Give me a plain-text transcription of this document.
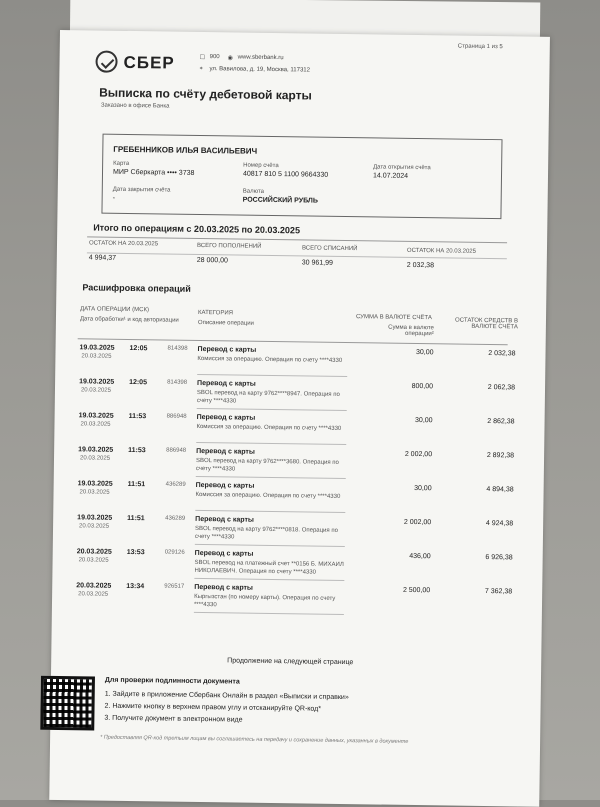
Страница 1 из 5
СБЕР	☐ 900 ◉ www.sberbank.ru
⌖ ул. Вавилова, д. 19, Москва, 117312
Выписка по счёту дебетовой карты
Заказано в офисе Банка
ГРЕБЕННИКОВ ИЛЬЯ ВАСИЛЬЕВИЧ
Карта
МИР Сберкарта •••• 3738
Номер счёта
40817 810 5 1100 9664330
Дата открытия счёта
14.07.2024
Дата закрытия счёта
-
Валюта
РОССИЙСКИЙ РУБЛЬ
Итого по операциям с 20.03.2025 по 20.03.2025
ОСТАТОК НА 20.03.2025
4 994,37
ВСЕГО ПОПОЛНЕНИЙ
28 000,00
ВСЕГО СПИСАНИЙ
30 961,99
ОСТАТОК НА 20.03.2025
2 032,38
Расшифровка операций
ДАТА ОПЕРАЦИИ (МСК)
Дата обработки¹ и код авторизации
КАТЕГОРИЯ
Описание операции
СУММА В ВАЛЮТЕ СЧЁТА
Сумма в валюте операции²
ОСТАТОК СРЕДСТВ В ВАЛЮТЕ СЧЁТА
19.03.2025 12:05
20.03.2025
814398 Перевод с карты
Комиссия за операцию. Операция по счету ****4330
30,00	2 032,38
19.03.2025 12:05
20.03.2025
814398 Перевод с карты
SBOL перевод на карту 9762****8947. Операция по счету ****4330
800,00	2 062,38
19.03.2025 11:53
20.03.2025
886948 Перевод с карты
Комиссия за операцию. Операция по счету ****4330
30,00	2 862,38
19.03.2025 11:53
20.03.2025
886948 Перевод с карты
SBOL перевод на карту 9762****3680. Операция по счету ****4330
2 002,00	2 892,38
19.03.2025 11:51
20.03.2025
436289 Перевод с карты
Комиссия за операцию. Операция по счету ****4330
30,00	4 894,38
19.03.2025 11:51
20.03.2025
436289 Перевод с карты
SBOL перевод на карту 9762****0818. Операция по счету ****4330
2 002,00	4 924,38
20.03.2025 13:53
20.03.2025
029126 Перевод с карты
SBOL перевод на платежный счет **0156 Б. МИХАИЛ НИКОЛАЕВИЧ. Операция по счету ****4330
436,00	6 926,38
20.03.2025 13:34
20.03.2025
926517 Перевод с карты
Кыргызстан (по номеру карты). Операция по счету ****4330
2 500,00	7 362,38
Продолжение на следующей странице
Для проверки подлинности документа
1. Зайдите в приложение Сбербанк Онлайн в раздел «Выписки и справки»
2. Нажмите кнопку в верхнем правом углу и отсканируйте QR-код*
3. Получите документ в электронном виде
* Предоставляя QR-код третьим лицам вы соглашаетесь на передачу и сохранение данных, указанных в документе
